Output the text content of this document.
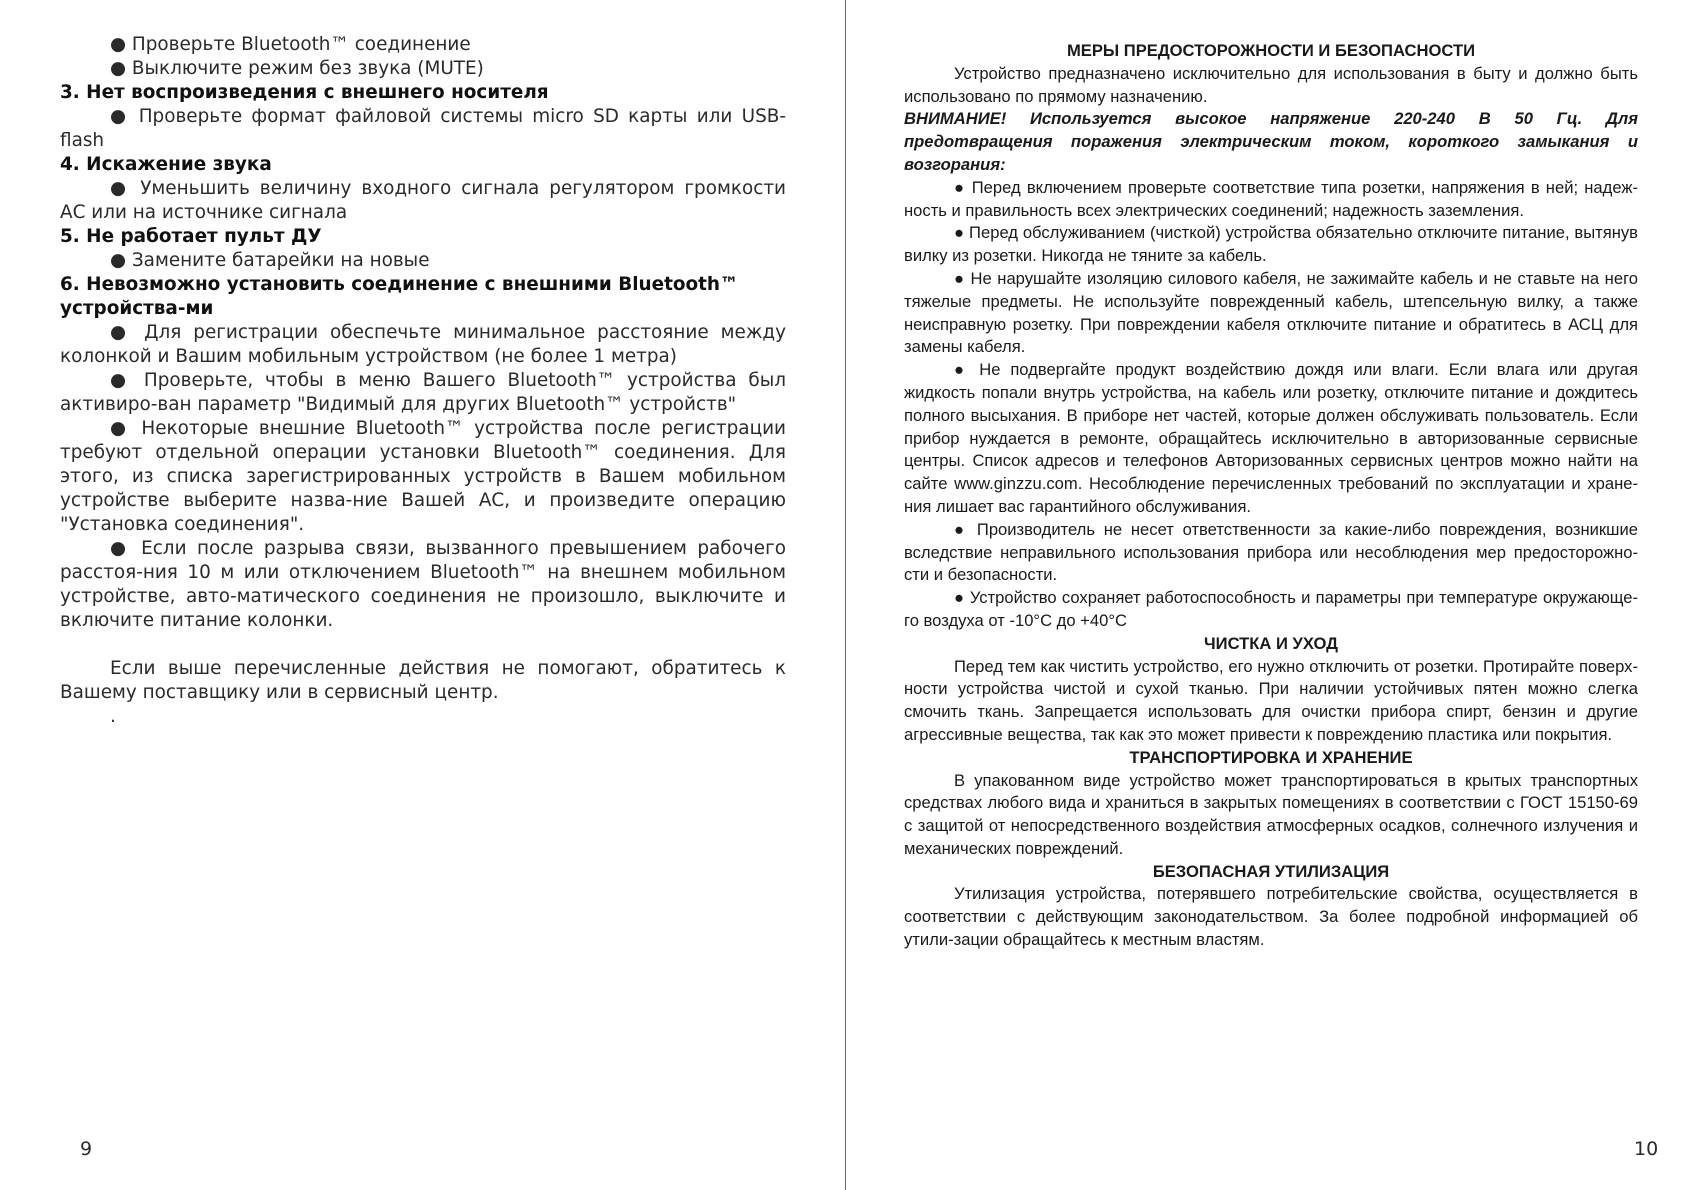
● Проверьте Bluetooth™ соединение

● Выключите режим без звука (MUTE)

3. Нет воспроизведения с внешнего носителя

● Проверьте формат файловой системы micro SD карты или USB-flash

4. Искажение звука

● Уменьшить величину входного сигнала регулятором громкости АС или на источнике сигнала

5. Не работает пульт ДУ

● Замените батарейки на новые

6. Невозможно установить соединение с внешними Bluetooth™ устройства-ми

● Для регистрации обеспечьте минимальное расстояние между колонкой и Вашим мобильным устройством (не более 1 метра)

● Проверьте, чтобы в меню Вашего Bluetooth™ устройства был активиро-ван параметр "Видимый для других Bluetooth™ устройств"

● Некоторые внешние Bluetooth™ устройства после регистрации требуют отдельной операции установки Bluetooth™ соединения. Для этого, из списка зарегистрированных устройств в Вашем мобильном устройстве выберите назва-ние Вашей АС, и произведите операцию "Установка соединения".

● Если после разрыва связи, вызванного превышением рабочего расстоя-ния 10 м или отключением Bluetooth™ на внешнем мобильном устройстве, авто-матического соединения не произошло, выключите и включите питание колонки.

Если выше перечисленные действия не помогают, обратитесь к Вашему поставщику или в сервисный центр.

.

МЕРЫ ПРЕДОСТОРОЖНОСТИ И БЕЗОПАСНОСТИ

Устройство предназначено исключительно для использования в быту и должно быть использовано по прямому назначению.

ВНИМАНИЕ! Используется высокое напряжение 220-240 В 50 Гц. Для предотвращения поражения электрическим током, короткого замыкания и возгорания:

● Перед включением проверьте соответствие типа розетки, напряжения в ней; надеж-ность и правильность всех электрических соединений; надежность заземления.

● Перед обслуживанием (чисткой) устройства обязательно отключите питание, вытянув вилку из розетки. Никогда не тяните за кабель.

● Не нарушайте изоляцию силового кабеля, не зажимайте кабель и не ставьте на него тяжелые предметы. Не используйте поврежденный кабель, штепсельную вилку, а также неисправную розетку. При повреждении кабеля отключите питание и обратитесь в АСЦ для замены кабеля.

● Не подвергайте продукт воздействию дождя или влаги. Если влага или другая жидкость попали внутрь устройства, на кабель или розетку, отключите питание и дождитесь полного высыхания. В приборе нет частей, которые должен обслуживать пользователь. Если прибор нуждается в ремонте, обращайтесь исключительно в авторизованные сервисные центры. Список адресов и телефонов Авторизованных сервисных центров можно найти на сайте www.ginzzu.com. Несоблюдение перечисленных требований по эксплуатации и хране-ния лишает вас гарантийного обслуживания.

● Производитель не несет ответственности за какие-либо повреждения, возникшие вследствие неправильного использования прибора или несоблюдения мер предосторожно-сти и безопасности.

● Устройство сохраняет работоспособность и параметры при температуре окружающе-го воздуха от -10°C до +40°C

ЧИСТКА И УХОД

Перед тем как чистить устройство, его нужно отключить от розетки. Протирайте поверх-ности устройства чистой и сухой тканью. При наличии устойчивых пятен можно слегка смочить ткань. Запрещается использовать для очистки прибора спирт, бензин и другие агрессивные вещества, так как это может привести к повреждению пластика или покрытия.

ТРАНСПОРТИРОВКА И ХРАНЕНИЕ

В упакованном виде устройство может транспортироваться в крытых транспортных средствах любого вида и храниться в закрытых помещениях в соответствии с ГОСТ 15150-69 с защитой от непосредственного воздействия атмосферных осадков, солнечного излучения и механических повреждений.

БЕЗОПАСНАЯ УТИЛИЗАЦИЯ

Утилизация устройства, потерявшего потребительские свойства, осуществляется в соответствии с действующим законодательством. За более подробной информацией об утили-зации обращайтесь к местным властям.

9	10
